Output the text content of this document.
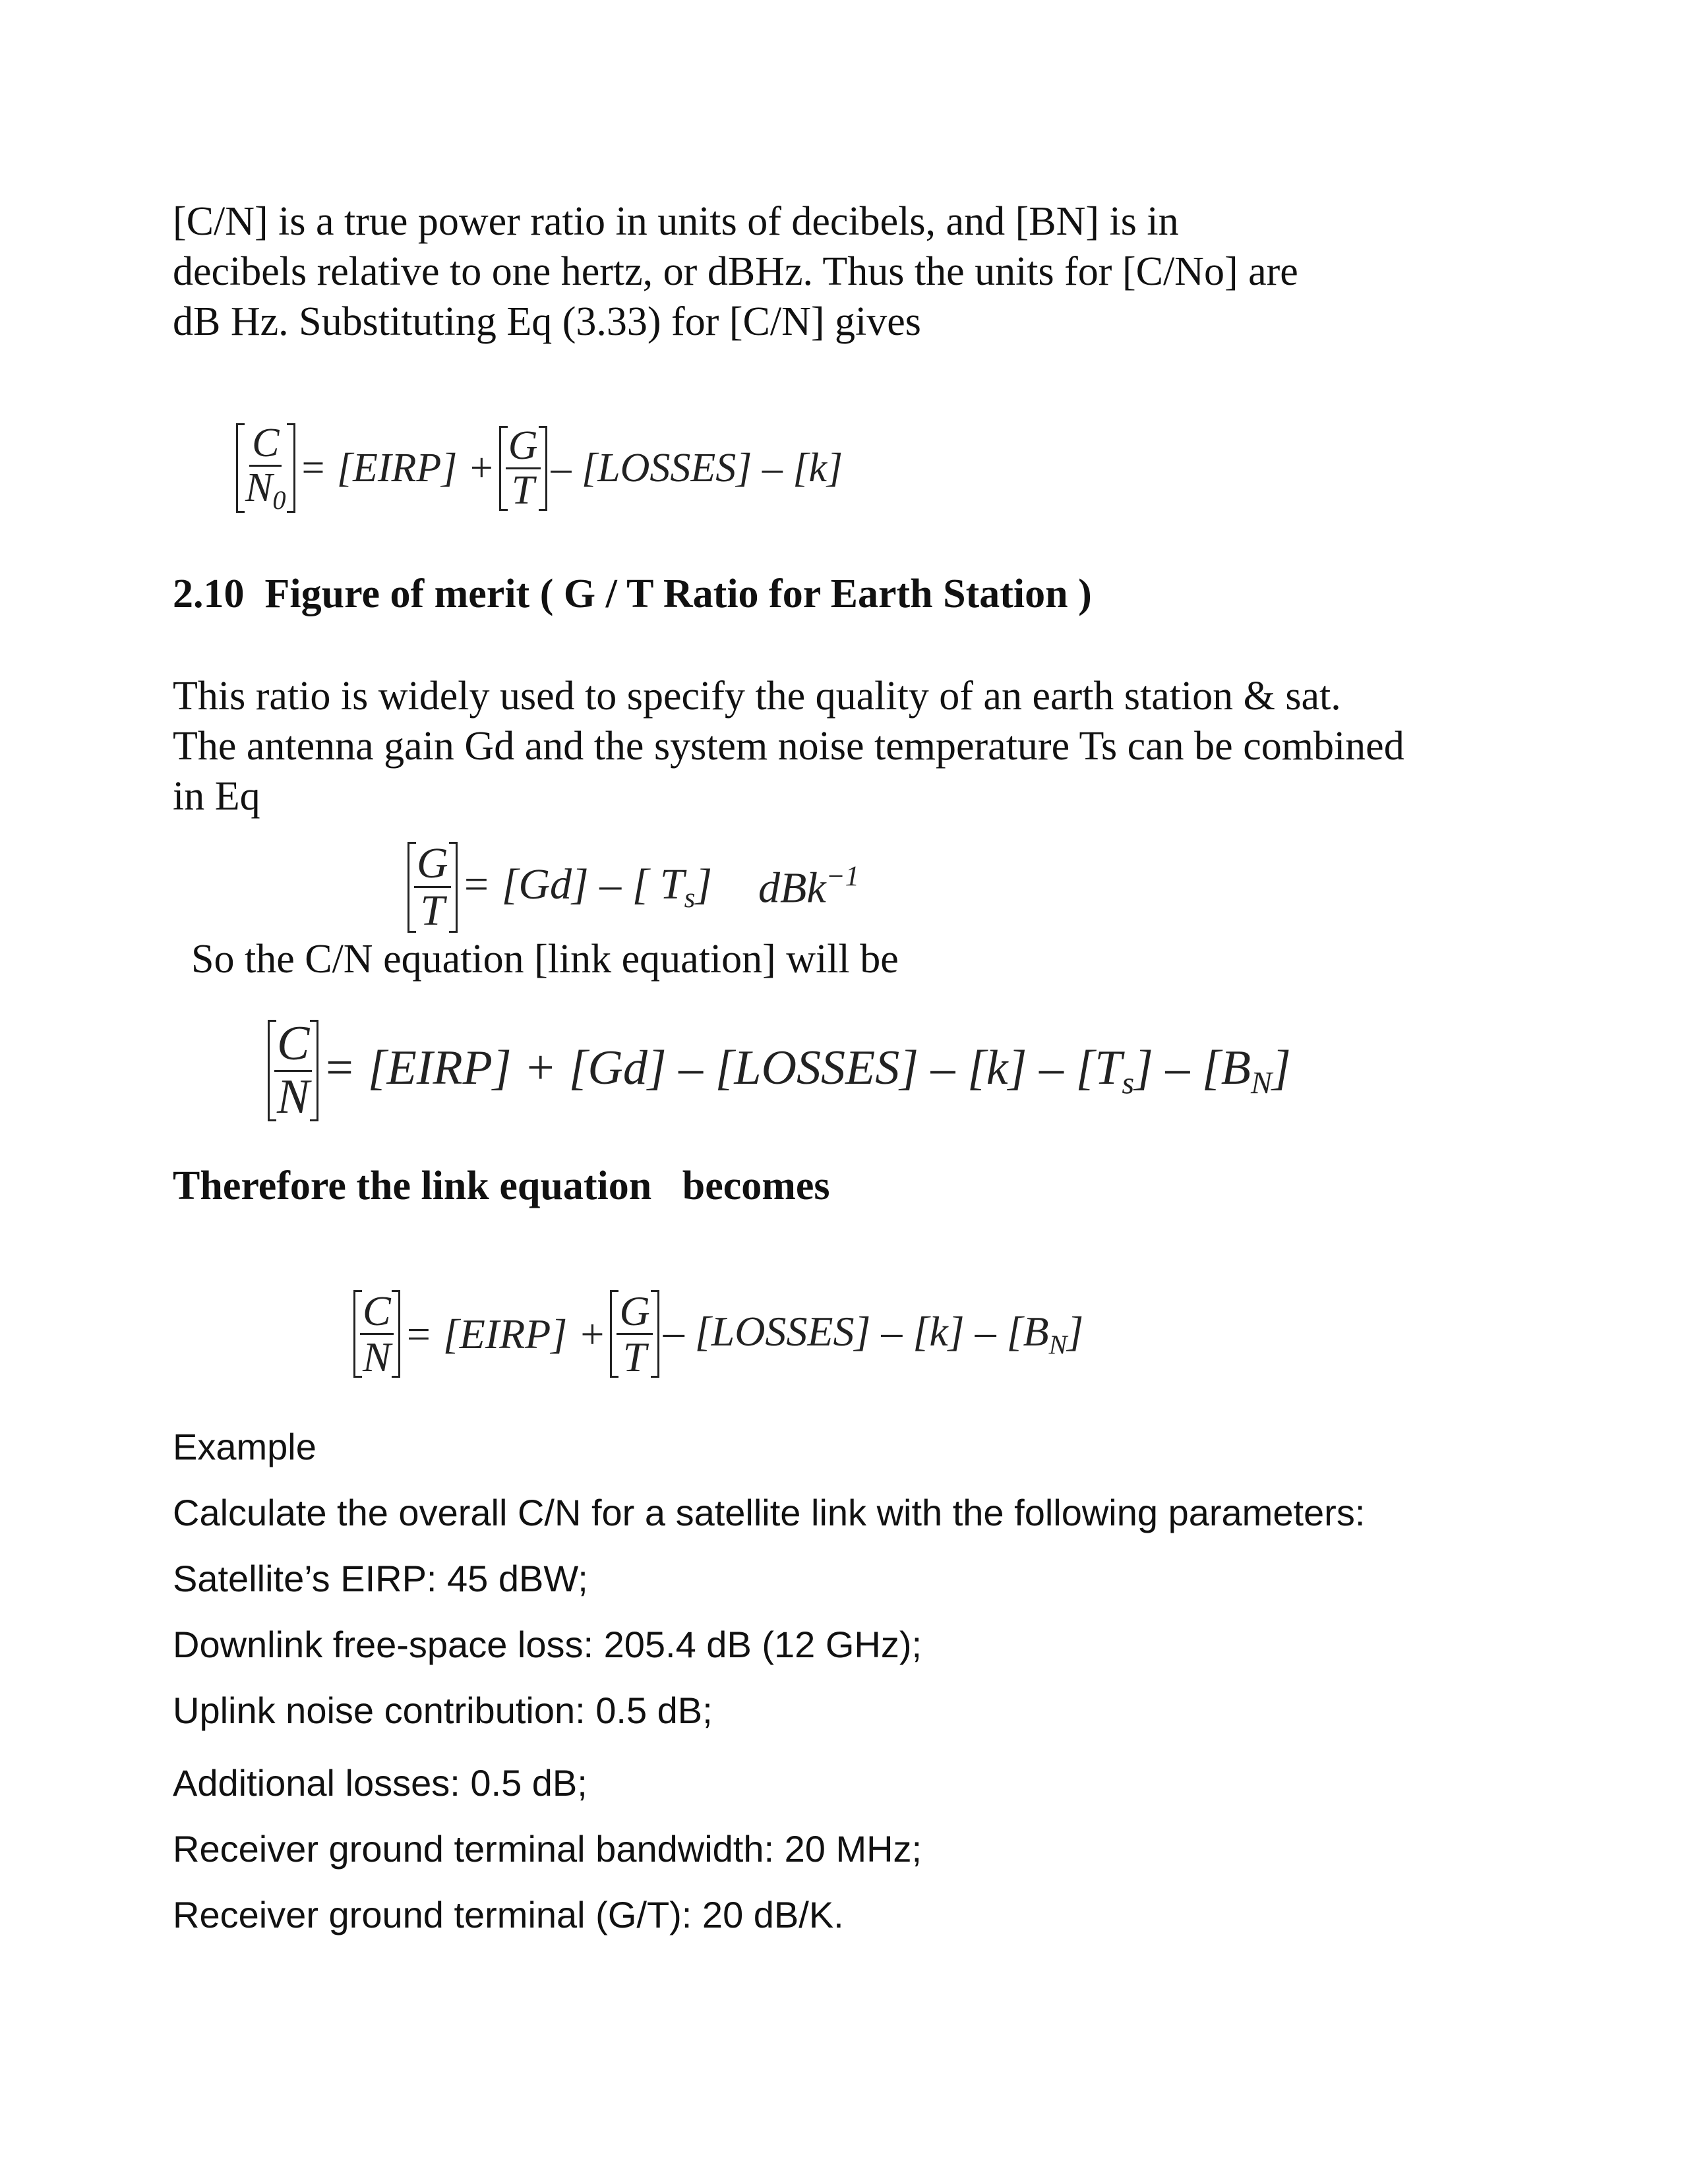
[C/N] is a true power ratio in units of decibels, and [BN] is in

decibels relative to one hertz, or dBHz. Thus the units for [C/No] are

dB Hz. Substituting Eq (3.33) for [C/N] gives

$\frac{C}{N_0}$ = [EIRP] + $\frac{G}{T}$ – [LOSSES] – [k]
2.10  Figure of merit ( G / T Ratio for Earth Station )

This ratio is widely used to specify the quality of an earth station & sat.

The antenna gain Gd and the system noise temperature Ts can be combined

in Eq

$\frac{G}{T} = [Gd]$ – [ $T_s$] dBk$^{-1}$
So the C/N equation [link equation] will be
$\frac{C}{N}$ = [EIRP] + [Gd] – [LOSSES] – $[k] - [T_s] - [B_N]$
Therefore the link equation   becomes
$\frac{C}{N}$ = [EIRP] + $\frac{G}{T}$ – [LOSSES] – $[k] - [B_N]$
Example
Calculate the overall C/N for a satellite link with the following parameters:
Satellite’s EIRP: 45 dBW;
Downlink free-space loss: 205.4 dB (12 GHz);
Uplink noise contribution: 0.5 dB;
Additional losses: 0.5 dB;
Receiver ground terminal bandwidth: 20 MHz;
Receiver ground terminal (G/T): 20 dB/K.
